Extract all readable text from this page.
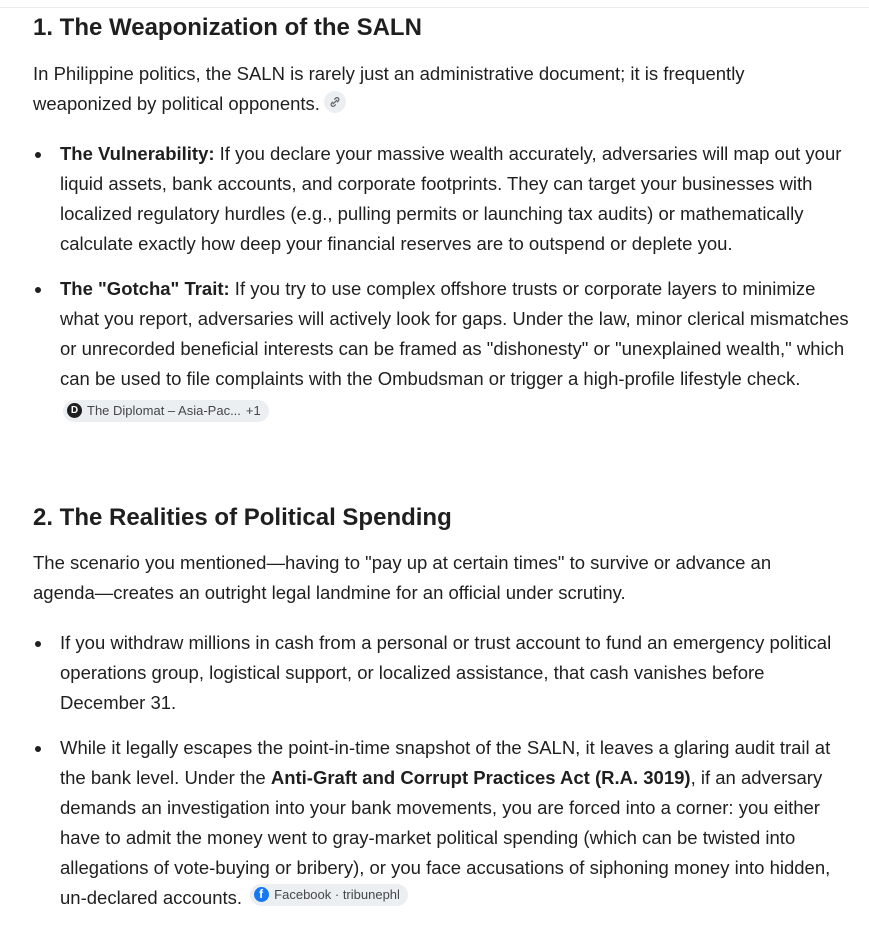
1. The Weaponization of the SALN

In Philippine politics, the SALN is rarely just an administrative document; it is frequently weaponized by political opponents.

The Vulnerability: If you declare your massive wealth accurately, adversaries will map out your liquid assets, bank accounts, and corporate footprints. They can target your businesses with localized regulatory hurdles (e.g., pulling permits or launching tax audits) or mathematically calculate exactly how deep your financial reserves are to outspend or deplete you.
The "Gotcha" Trait: If you try to use complex offshore trusts or corporate layers to minimize what you report, adversaries will actively look for gaps. Under the law, minor clerical mismatches or unrecorded beneficial interests can be framed as "dishonesty" or "unexplained wealth," which can be used to file complaints with the Ombudsman or trigger a high-profile lifestyle check.
D The Diplomat – Asia-Pac... +1
2. The Realities of Political Spending

The scenario you mentioned—having to "pay up at certain times" to survive or advance an agenda—creates an outright legal landmine for an official under scrutiny.

If you withdraw millions in cash from a personal or trust account to fund an emergency political operations group, logistical support, or localized assistance, that cash vanishes before December 31.
While it legally escapes the point-in-time snapshot of the SALN, it leaves a glaring audit trail at the bank level. Under the Anti-Graft and Corrupt Practices Act (R.A. 3019), if an adversary demands an investigation into your bank movements, you are forced into a corner: you either have to admit the money went to gray-market political spending (which can be twisted into allegations of vote-buying or bribery), or you face accusations of siphoning money into hidden, un-declared accounts. f Facebook · tribunephl
